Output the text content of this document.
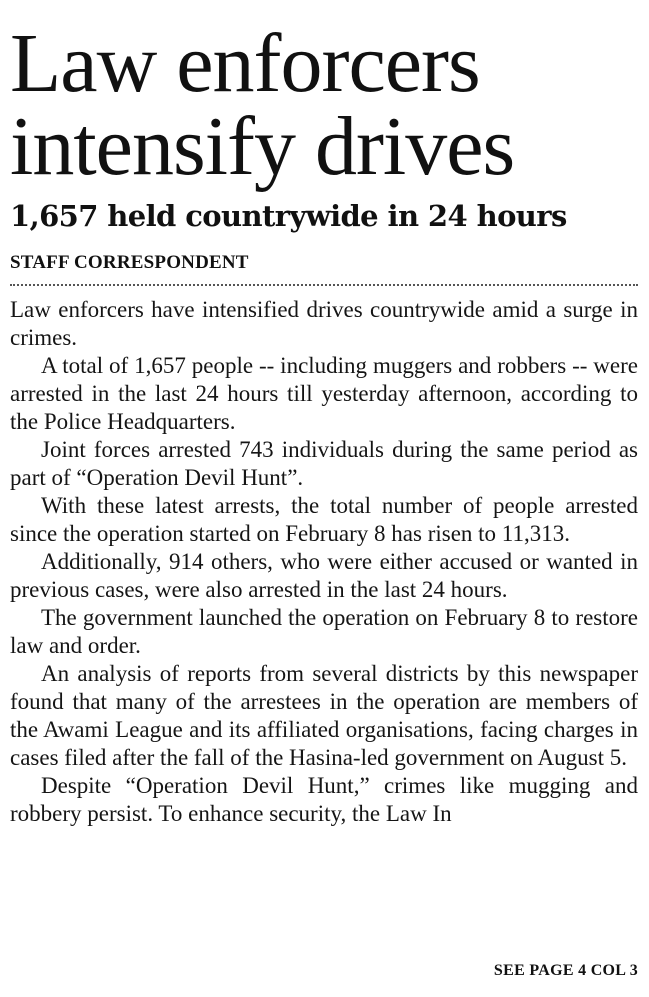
Law enforcers
intensify drives
1,657 held countrywide in 24 hours
STAFF CORRESPONDENT

Law enforcers have intensified drives countrywide amid a surge in crimes.

A total of 1,657 people -- including muggers and robbers -- were arrested in the last 24 hours till yesterday afternoon, according to the Police Headquarters.

Joint forces arrested 743 individuals during the same period as part of “Operation Devil Hunt”.

With these latest arrests, the total number of people arrested since the operation started on February 8 has risen to 11,313.

Additionally, 914 others, who were either accused or wanted in previous cases, were also arrested in the last 24 hours.

The government launched the operation on February 8 to restore law and order.

An analysis of reports from several districts by this newspaper found that many of the arrestees in the operation are members of the Awami League and its affiliated organisations, facing charges in cases filed after the fall of the Hasina-led government on August 5.

Despite “Operation Devil Hunt,” crimes like mugging and robbery persist. To enhance security, the Law In

SEE PAGE 4 COL 3
